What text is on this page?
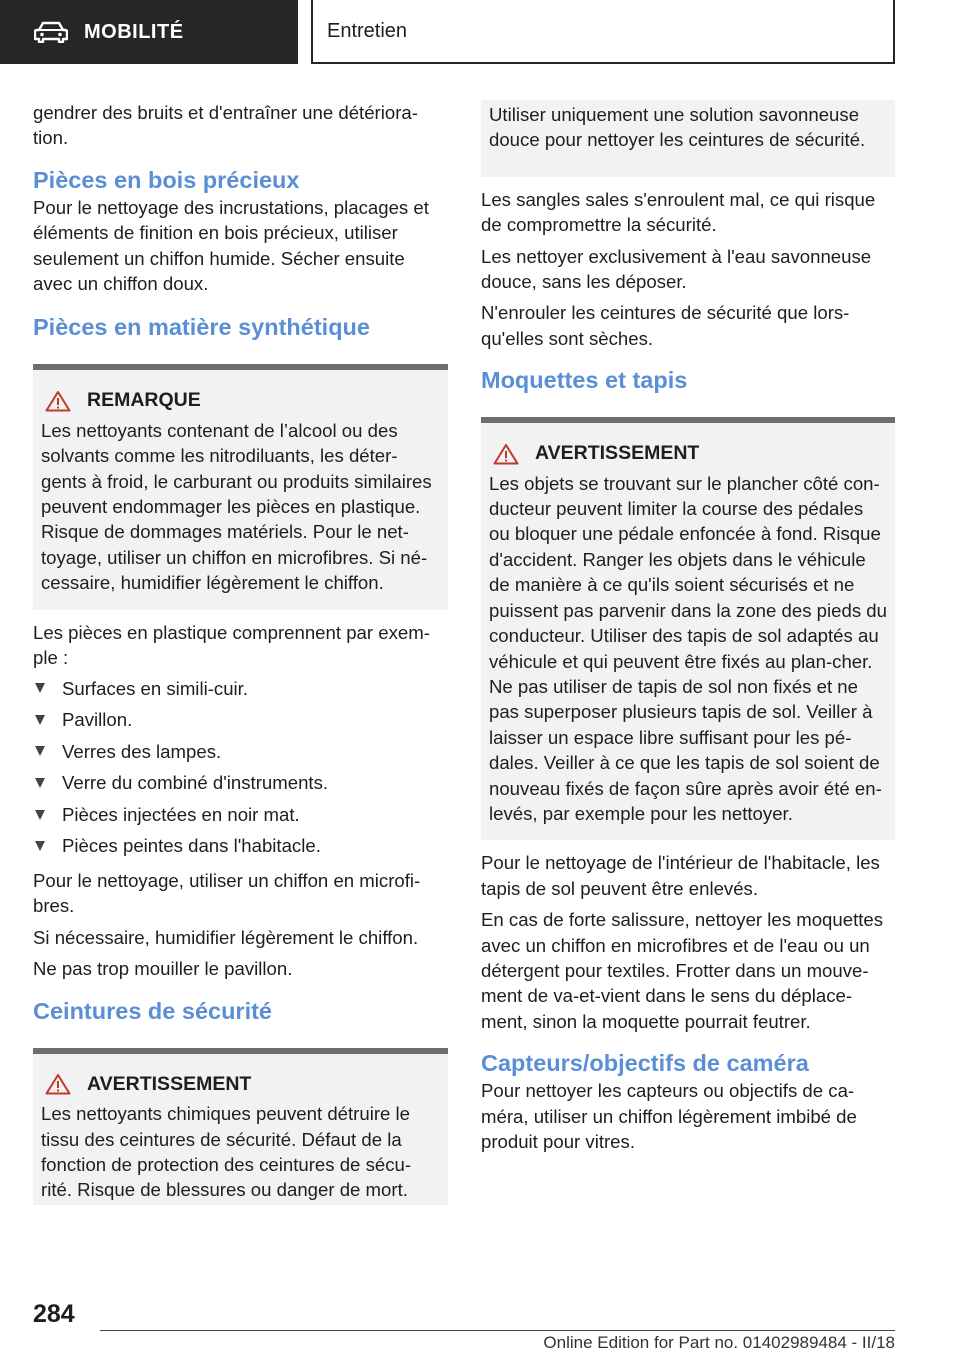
MOBILITÉ	Entretien

gendrer des bruits et d'entraîner une détériora-tion.

Pièces en bois précieux

Pour le nettoyage des incrustations, placages et éléments de finition en bois précieux, utiliser seulement un chiffon humide. Sécher ensuite avec un chiffon doux.

Pièces en matière synthétique
REMARQUE
Les nettoyants contenant de l’alcool ou des solvants comme les nitrodiluants, les déter-gents à froid, le carburant ou produits similaires peuvent endommager les pièces en plastique. Risque de dommages matériels. Pour le net-toyage, utiliser un chiffon en microfibres. Si né-cessaire, humidifier légèrement le chiffon.

Les pièces en plastique comprennent par exem-ple :

Surfaces en simili-cuir.
Pavillon.
Verres des lampes.
Verre du combiné d'instruments.
Pièces injectées en noir mat.
Pièces peintes dans l'habitacle.

Pour le nettoyage, utiliser un chiffon en microfi-bres.

Si nécessaire, humidifier légèrement le chiffon.

Ne pas trop mouiller le pavillon.

Ceintures de sécurité
AVERTISSEMENT
Les nettoyants chimiques peuvent détruire le tissu des ceintures de sécurité. Défaut de la fonction de protection des ceintures de sécu-rité. Risque de blessures ou danger de mort.
Utiliser uniquement une solution savonneuse douce pour nettoyer les ceintures de sécurité.

Les sangles sales s'enroulent mal, ce qui risque de compromettre la sécurité.

Les nettoyer exclusivement à l'eau savonneuse douce, sans les déposer.

N'enrouler les ceintures de sécurité que lors-qu'elles sont sèches.

Moquettes et tapis
AVERTISSEMENT
Les objets se trouvant sur le plancher côté con-ducteur peuvent limiter la course des pédales ou bloquer une pédale enfoncée à fond. Risque d'accident. Ranger les objets dans le véhicule de manière à ce qu'ils soient sécurisés et ne puissent pas parvenir dans la zone des pieds du conducteur. Utiliser des tapis de sol adaptés au véhicule et qui peuvent être fixés au plan-cher. Ne pas utiliser de tapis de sol non fixés et ne pas superposer plusieurs tapis de sol. Veiller à laisser un espace libre suffisant pour les pé-dales. Veiller à ce que les tapis de sol soient de nouveau fixés de façon sûre après avoir été en-levés, par exemple pour les nettoyer.

Pour le nettoyage de l'intérieur de l'habitacle, les tapis de sol peuvent être enlevés.

En cas de forte salissure, nettoyer les moquettes avec un chiffon en microfibres et de l'eau ou un détergent pour textiles. Frotter dans un mouve-ment de va-et-vient dans le sens du déplace-ment, sinon la moquette pourrait feutrer.

Capteurs/objectifs de caméra

Pour nettoyer les capteurs ou objectifs de ca-méra, utiliser un chiffon légèrement imbibé de produit pour vitres.

284
Online Edition for Part no. 01402989484 - II/18
